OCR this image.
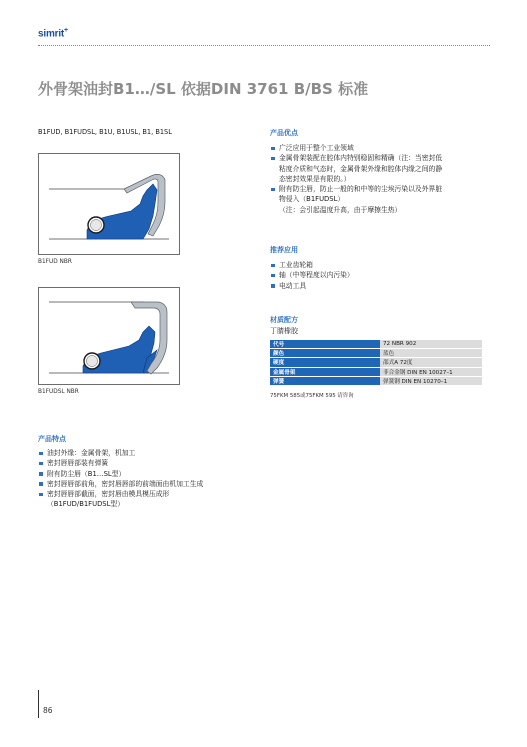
simrit+
外骨架油封B1…/SL 依据DIN 3761 B/BS 标准
B1FUD, B1FUDSL, B1U, B1USL, B1, B1SL
B1FUD NBR
B1FUDSL NBR
产品优点
广泛应用于整个工业领域
金属骨架装配在腔体内特别稳固和精确（注：当密封低
粘度介质和气态时，金属骨架外缘和腔体内缘之间的静
态密封效果是有限的。）
附有防尘唇，防止一般的和中等的尘埃污染以及外界脏
物侵入（B1FUDSL）
（注：会引起温度升高，由于摩擦生热）
推荐应用
工业齿轮箱
轴（中等程度以内污染）
电动工具
材质配方
丁腈橡胶
代号	72 NBR 902
颜色	蓝色
硬度	邵式A 72度
金属骨架	非合金钢 DIN EN 10027–1
弹簧	弹簧钢 DIN EN 10270–1
75FKM 585或75FKM 595 请咨询
产品特点
油封外缘：金属骨架，机加工
密封唇唇部装有弹簧
附有防尘唇（B1…SL型）
密封唇唇部前角，密封唇唇部的前端面由机加工生成
密封唇唇部截面，密封唇由模具模压成形
（B1FUD/B1FUDSL型）
86
